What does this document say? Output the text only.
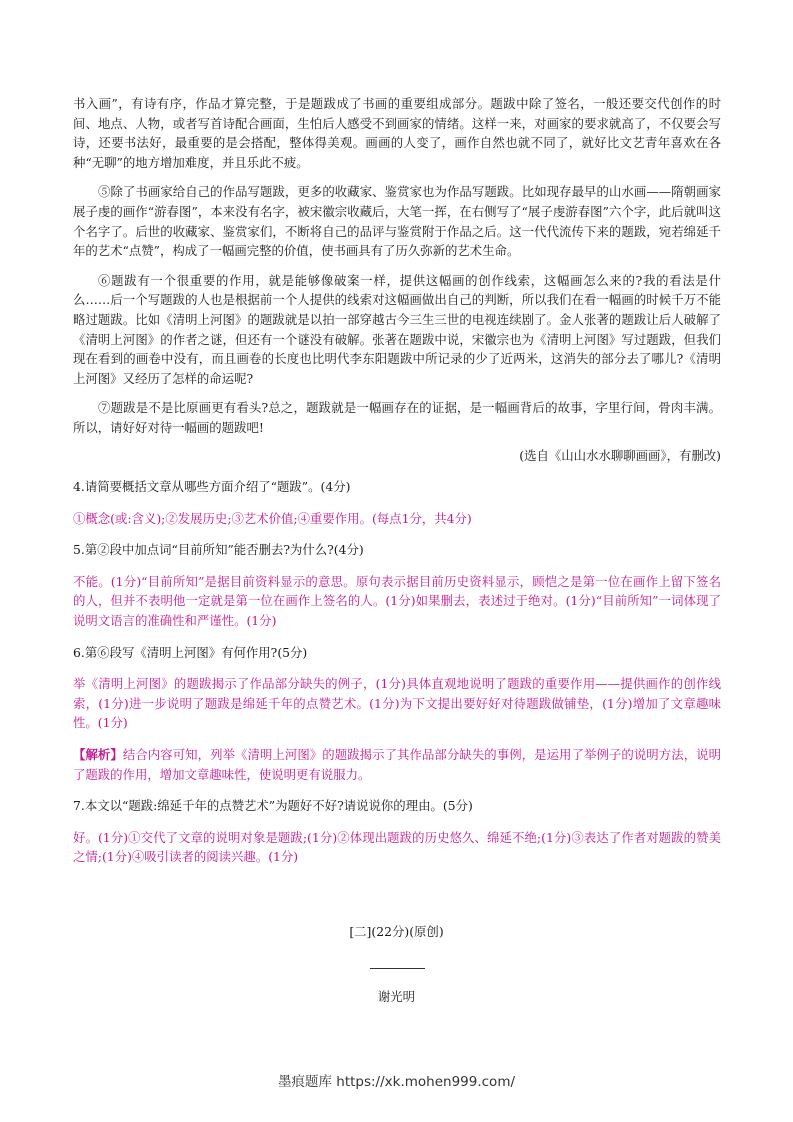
书入画”，有诗有序，作品才算完整，于是题跋成了书画的重要组成部分。题跋中除了签名，一般还要交代创作的时间、地点、人物，或者写首诗配合画面，生怕后人感受不到画家的情绪。这样一来，对画家的要求就高了，不仅要会写诗，还要书法好，最重要的是会搭配，整体得美观。画画的人变了，画作自然也就不同了，就好比文艺青年喜欢在各种“无聊”的地方增加难度，并且乐此不疲。

⑤除了书画家给自己的作品写题跋，更多的收藏家、鉴赏家也为作品写题跋。比如现存最早的山水画——隋朝画家展子虔的画作“游春图”，本来没有名字，被宋徽宗收藏后，大笔一挥，在右侧写了“展子虔游春图”六个字，此后就叫这个名字了。后世的收藏家、鉴赏家们，不断将自己的品评与鉴赏附于作品之后。这一代代流传下来的题跋，宛若绵延千年的艺术“点赞”，构成了一幅画完整的价值，使书画具有了历久弥新的艺术生命。

⑥题跋有一个很重要的作用，就是能够像破案一样，提供这幅画的创作线索，这幅画怎么来的?我的看法是什么……后一个写题跋的人也是根据前一个人提供的线索对这幅画做出自己的判断，所以我们在看一幅画的时候千万不能略过题跋。比如《清明上河图》的题跋就是以拍一部穿越古今三生三世的电视连续剧了。金人张著的题跋让后人破解了《清明上河图》的作者之谜，但还有一个谜没有破解。张著在题跋中说，宋徽宗也为《清明上河图》写过题跋，但我们现在看到的画卷中没有，而且画卷的长度也比明代李东阳题跋中所记录的少了近两米，这消失的部分去了哪儿?《清明上河图》又经历了怎样的命运呢?

⑦题跋是不是比原画更有看头?总之，题跋就是一幅画存在的证据，是一幅画背后的故事，字里行间，骨肉丰满。所以，请好好对待一幅画的题跋吧!

(选自《山山水水聊聊画画》，有删改)

4.请简要概括文章从哪些方面介绍了“题跋”。(4分)

①概念(或:含义);②发展历史;③艺术价值;④重要作用。(每点1分，共4分)

5.第②段中加点词“目前所知”能否删去?为什么?(4分)

不能。(1分)“目前所知”是据目前资料显示的意思。原句表示据目前历史资料显示，顾恺之是第一位在画作上留下签名的人，但并不表明他一定就是第一位在画作上签名的人。(1分)如果删去，表述过于绝对。(1分)“目前所知”一词体现了说明文语言的准确性和严谨性。(1分)

6.第⑥段写《清明上河图》有何作用?(5分)

举《清明上河图》的题跋揭示了作品部分缺失的例子，(1分)具体直观地说明了题跋的重要作用——提供画作的创作线索，(1分)进一步说明了题跋是绵延千年的点赞艺术。(1分)为下文提出要好好对待题跋做铺垫，(1分)增加了文章趣味性。(1分)

【解析】结合内容可知，列举《清明上河图》的题跋揭示了其作品部分缺失的事例，是运用了举例子的说明方法，说明了题跋的作用，增加文章趣味性，使说明更有说服力。

7.本文以“题跋:绵延千年的点赞艺术”为题好不好?请说说你的理由。(5分)

好。(1分)①交代了文章的说明对象是题跋;(1分)②体现出题跋的历史悠久、绵延不绝;(1分)③表达了作者对题跋的赞美之情;(1分)④吸引读者的阅读兴趣。(1分)

[二](22分)(原创)
谢光明
墨痕题库 https://xk.mohen999.com/
